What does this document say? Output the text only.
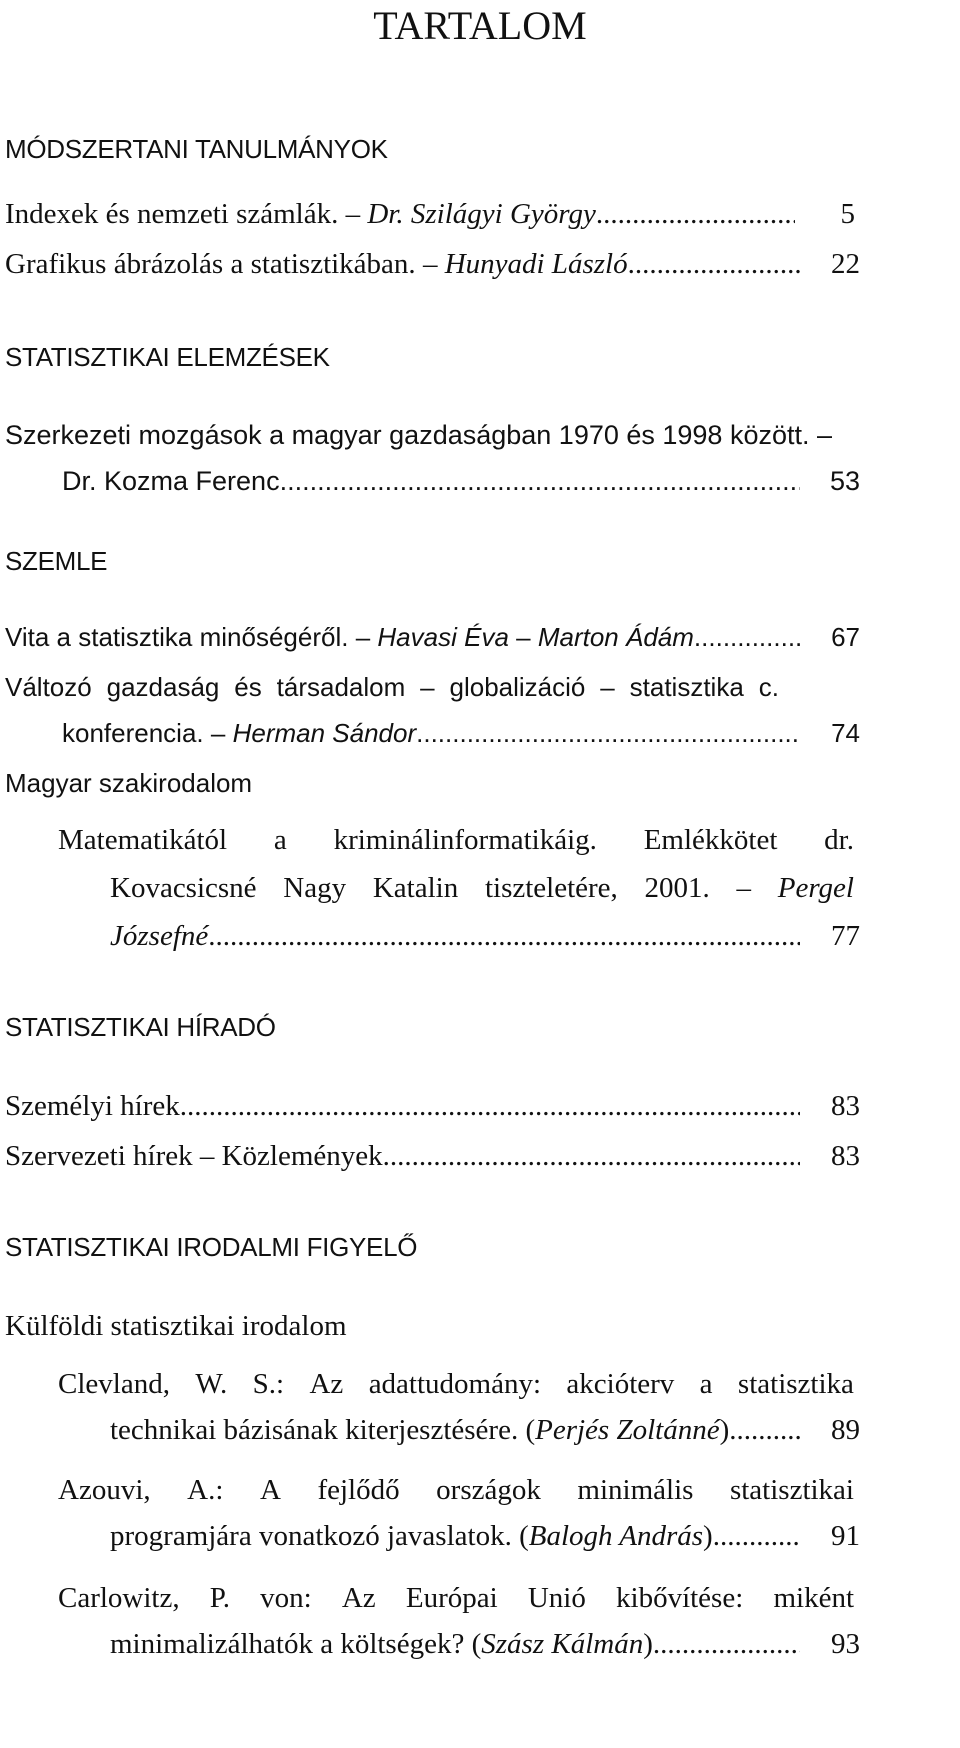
TARTALOM
MÓDSZERTANI TANULMÁNYOK
Indexek és nemzeti számlák. – Dr. Szilágyi György .....	5
Grafikus ábrázolás a statisztikában. – Hunyadi László .....	22
STATISZTIKAI ELEMZÉSEK
Szerkezeti mozgások a magyar gazdaságban 1970 és 1998 között. –
Dr. Kozma Ferenc .....	53
SZEMLE
Vita a statisztika minőségéről. – Havasi Éva – Marton Ádám .....	67
Változó gazdaság és társadalom – globalizáció – statisztika c.
konferencia. – Herman Sándor .....	74
Magyar szakirodalom
Matematikától a kriminálinformatikáig. Emlékkötet dr.
Kovacsicsné Nagy Katalin tiszteletére, 2001. – Pergel
Józsefné .....	77
STATISZTIKAI HÍRADÓ
Személyi hírek .....	83
Szervezeti hírek – Közlemények .....	83
STATISZTIKAI IRODALMI FIGYELŐ
Külföldi statisztikai irodalom
Clevland, W. S.: Az adattudomány: akcióterv a statisztika
technikai bázisának kiterjesztésére. (Perjés Zoltánné) .....	89
Azouvi, A.: A fejlődő országok minimális statisztikai
programjára vonatkozó javaslatok. (Balogh András) .....	91
Carlowitz, P. von: Az Európai Unió kibővítése: miként
minimalizálhatók a költségek? (Szász Kálmán) .....	93
